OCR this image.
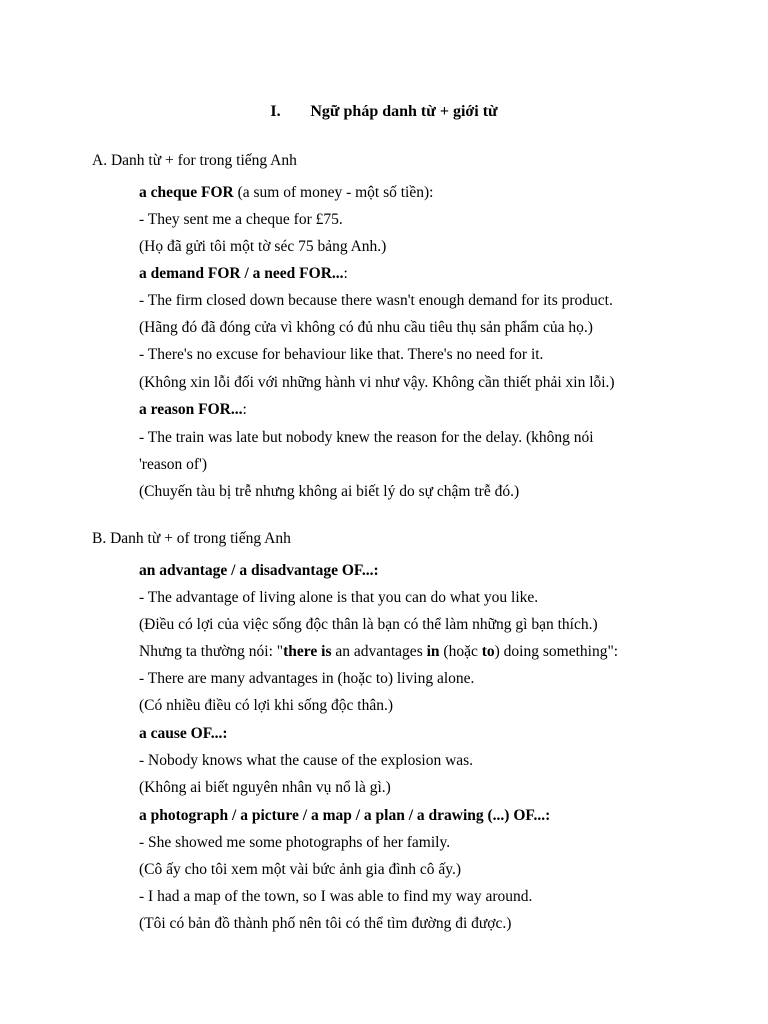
I. Ngữ pháp danh từ + giới từ
A. Danh từ + for trong tiếng Anh
a cheque FOR (a sum of money - một số tiền):
- They sent me a cheque for £75.
(Họ đã gửi tôi một tờ séc 75 bảng Anh.)
a demand FOR / a need FOR...:
- The firm closed down because there wasn't enough demand for its product.
(Hãng đó đã đóng cửa vì không có đủ nhu cầu tiêu thụ sản phẩm của họ.)
- There's no excuse for behaviour like that. There's no need for it.
(Không xin lỗi đối với những hành vi như vậy. Không cần thiết phải xin lỗi.)
a reason FOR...:
- The train was late but nobody knew the reason for the delay. (không nói
'reason of')
(Chuyến tàu bị trễ nhưng không ai biết lý do sự chậm trễ đó.)
B. Danh từ + of trong tiếng Anh
an advantage / a disadvantage OF...:
- The advantage of living alone is that you can do what you like.
(Điều có lợi của việc sống độc thân là bạn có thể làm những gì bạn thích.)
Nhưng ta thường nói: "there is an advantages in (hoặc to) doing something":
- There are many advantages in (hoặc to) living alone.
(Có nhiều điều có lợi khi sống độc thân.)
a cause OF...:
- Nobody knows what the cause of the explosion was.
(Không ai biết nguyên nhân vụ nổ là gì.)
a photograph / a picture / a map / a plan / a drawing (...) OF...:
- She showed me some photographs of her family.
(Cô ấy cho tôi xem một vài bức ảnh gia đình cô ấy.)
- I had a map of the town, so I was able to find my way around.
(Tôi có bản đồ thành phố nên tôi có thể tìm đường đi được.)
